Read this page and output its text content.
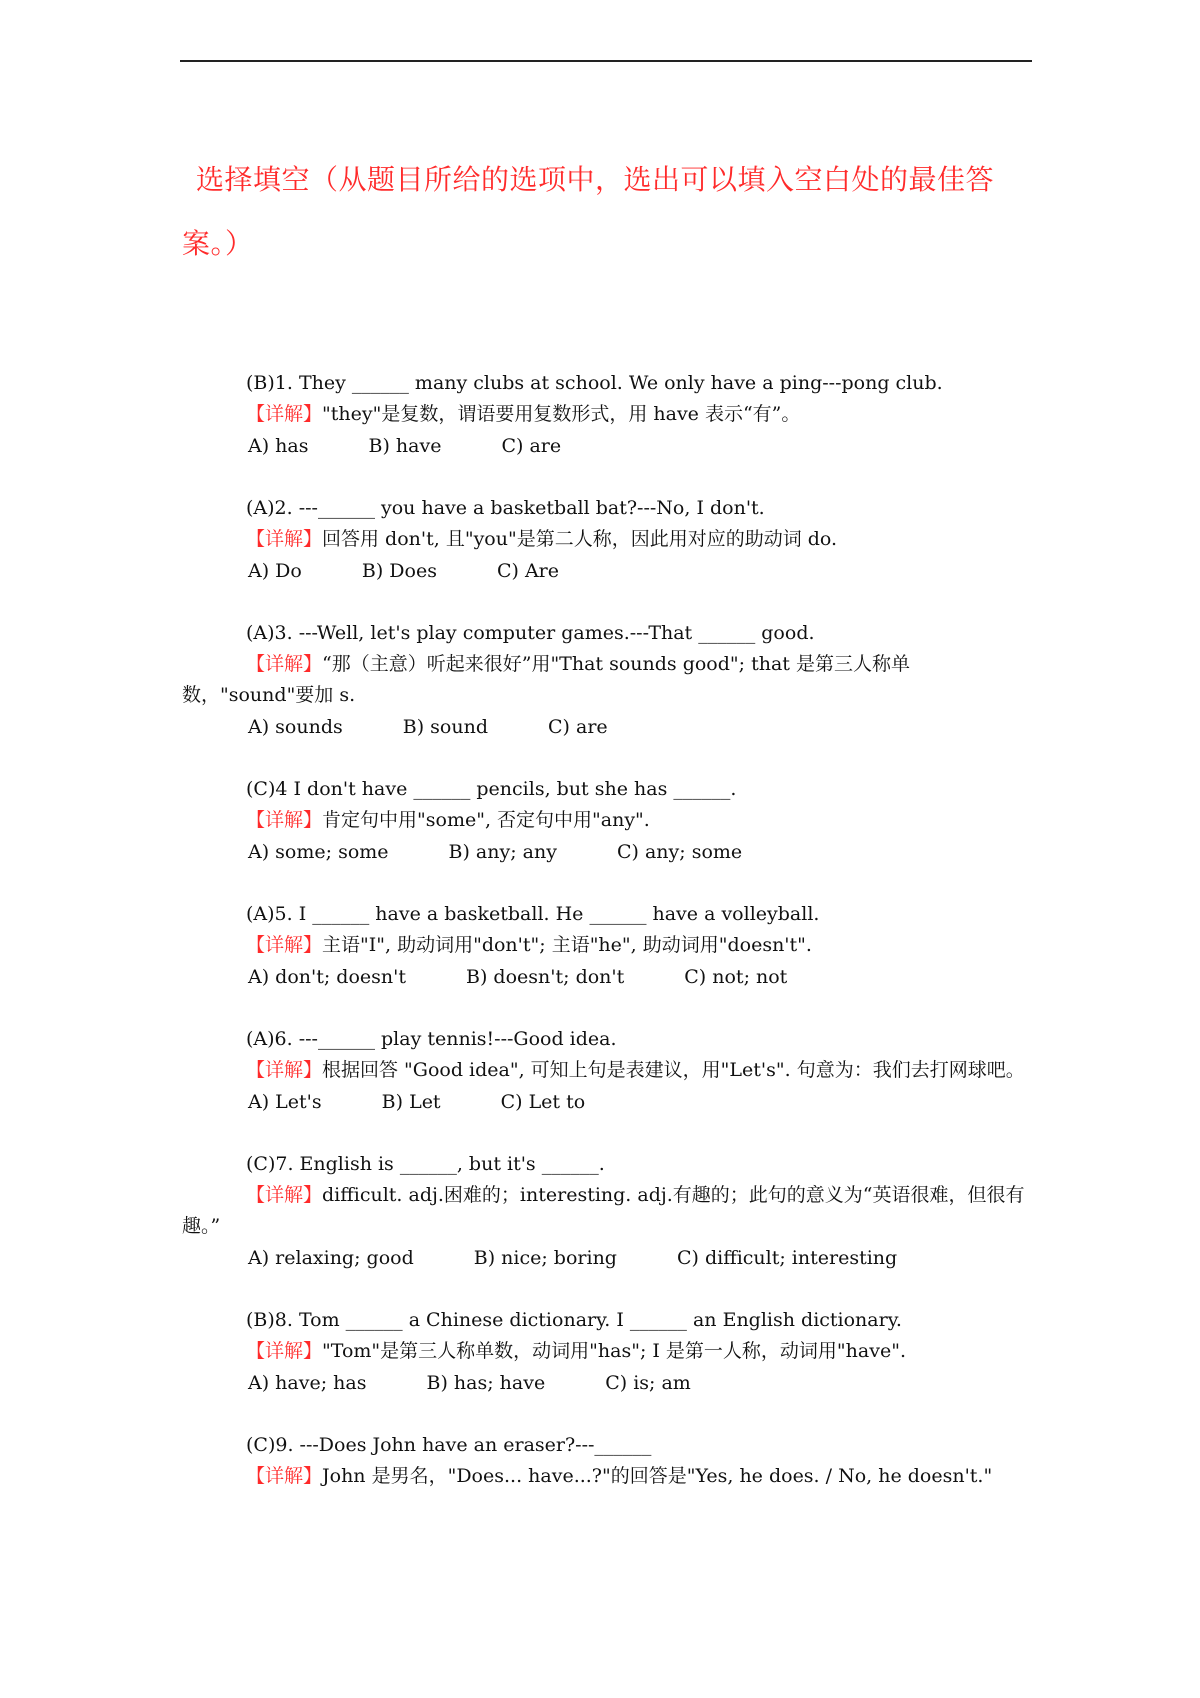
选择填空（从题目所给的选项中，选出可以填入空白处的最佳答案。）

(B)1. They ______ many clubs at school. We only have a ping---pong club.

【详解】"they"是复数，谓语要用复数形式，用 have 表示“有”。

A) has	B) have	C) are

(A)2. ---______ you have a basketball bat?---No, I don't.

【详解】回答用 don't, 且"you"是第二人称，因此用对应的助动词 do.

A) Do	B) Does	C) Are

(A)3. ---Well, let's play computer games.---That ______ good.

【详解】“那（主意）听起来很好”用"That sounds good"; that 是第三人称单数，"sound"要加 s.

A) sounds	B) sound	C) are

(C)4 I don't have ______ pencils, but she has ______.

【详解】肯定句中用"some", 否定句中用"any".

A) some; some	B) any; any	C) any; some

(A)5. I ______ have a basketball. He ______ have a volleyball.

【详解】主语"I", 助动词用"don't"; 主语"he", 助动词用"doesn't".

A) don't; doesn't	B) doesn't; don't	C) not; not

(A)6. ---______ play tennis!---Good idea.

【详解】根据回答 "Good idea", 可知上句是表建议，用"Let's". 句意为：我们去打网球吧。

A) Let's	B) Let	C) Let to

(C)7. English is ______, but it's ______.

【详解】difficult. adj.困难的；interesting. adj.有趣的；此句的意义为“英语很难，但很有趣。”

A) relaxing; good	B) nice; boring	C) difficult; interesting

(B)8. Tom ______ a Chinese dictionary. I ______ an English dictionary.

【详解】"Tom"是第三人称单数，动词用"has"; I 是第一人称，动词用"have".

A) have; has	B) has; have	C) is; am

(C)9. ---Does John have an eraser?---______

【详解】John 是男名，"Does... have...?"的回答是"Yes, he does. / No, he doesn't."
